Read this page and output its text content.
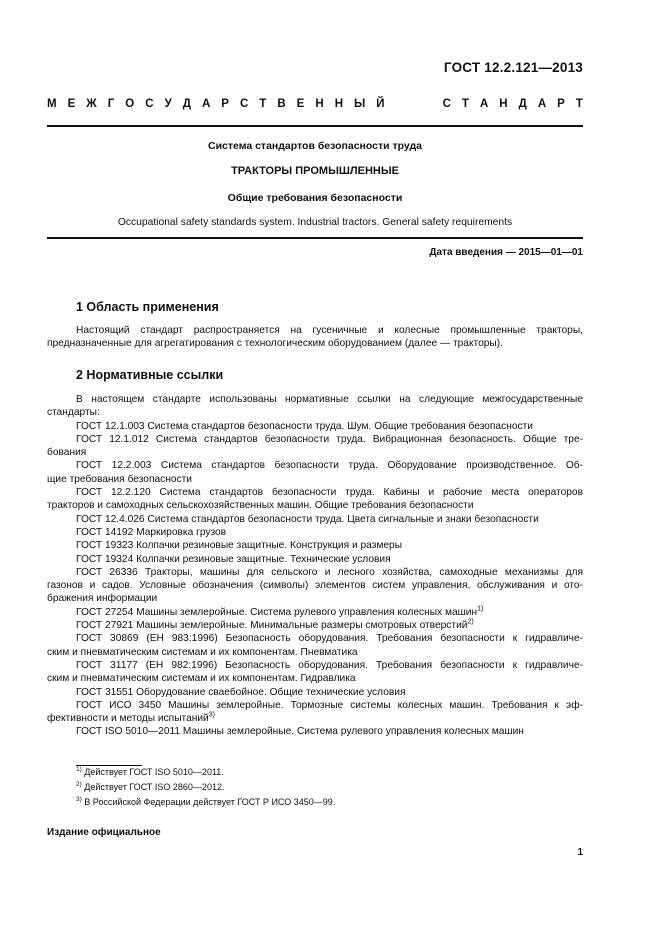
ГОСТ 12.2.121—2013
М Е Ж Г О С У Д А Р С Т В Е Н Н Ы Й	С Т А Н Д А Р Т
Система стандартов безопасности труда
ТРАКТОРЫ ПРОМЫШЛЕННЫЕ
Общие требования безопасности
Occupational safety standards system. Industrial tractors. General safety requirements
Дата введения — 2015—01—01
1 Область применения
Настоящий стандарт распространяется на гусеничные и колесные промышленные тракторы,
предназначенные для агрегатирования с технологическим оборудованием (далее — тракторы).
2 Нормативные ссылки
В настоящем стандарте использованы нормативные ссылки на следующие межгосударственные
стандарты:
ГОСТ 12.1.003 Система стандартов безопасности труда. Шум. Общие требования безопасности
ГОСТ 12.1.012 Система стандартов безопасности труда. Вибрационная безопасность. Общие тре-
бования
ГОСТ 12.2.003 Система стандартов безопасности труда. Оборудование производственное. Об-
щие требования безопасности
ГОСТ 12.2.120 Система стандартов безопасности труда. Кабины и рабочие места операторов
тракторов и самоходных сельскохозяйственных машин. Общие требования безопасности
ГОСТ 12.4.026 Система стандартов безопасности труда. Цвета сигнальные и знаки безопасности
ГОСТ 14192 Маркировка грузов
ГОСТ 19323 Колпачки резиновые защитные. Конструкция и размеры
ГОСТ 19324 Колпачки резиновые защитные. Технические условия
ГОСТ 26336 Тракторы, машины для сельского и лесного хозяйства, самоходные механизмы для
газонов и садов. Условные обозначения (символы) элементов систем управления, обслуживания и ото-
бражения информации
ГОСТ 27254 Машины землеройные. Система рулевого управления колесных машин$^{1)}$
ГОСТ 27921 Машины землеройные. Минимальные размеры смотровых отверстий$^{2)}$
ГОСТ 30869 (ЕН 983:1996) Безопасность оборудования. Требования безопасности к гидравличе-
ским и пневматическим системам и их компонентам. Пневматика
ГОСТ 31177 (ЕН 982:1996) Безопасность оборудования. Требования безопасности к гидравличе-
ским и пневматическим системам и их компонентам. Гидравлика
ГОСТ 31551 Оборудование сваебойное. Общие технические условия
ГОСТ ИСО 3450 Машины землеройные. Тормозные системы колесных машин. Требования к эф-
фективности и методы испытаний$^{3)}$
ГОСТ ISO 5010—2011 Машины землеройные. Система рулевого управления колесных машин
$^{1)}$ Действует ГОСТ ISO 5010—2011.
$^{2)}$ Действует ГОСТ ISO 2860—2012.
$^{3)}$ В Российской Федерации действует ГОСТ Р ИСО 3450—99.
Издание официальное
1
